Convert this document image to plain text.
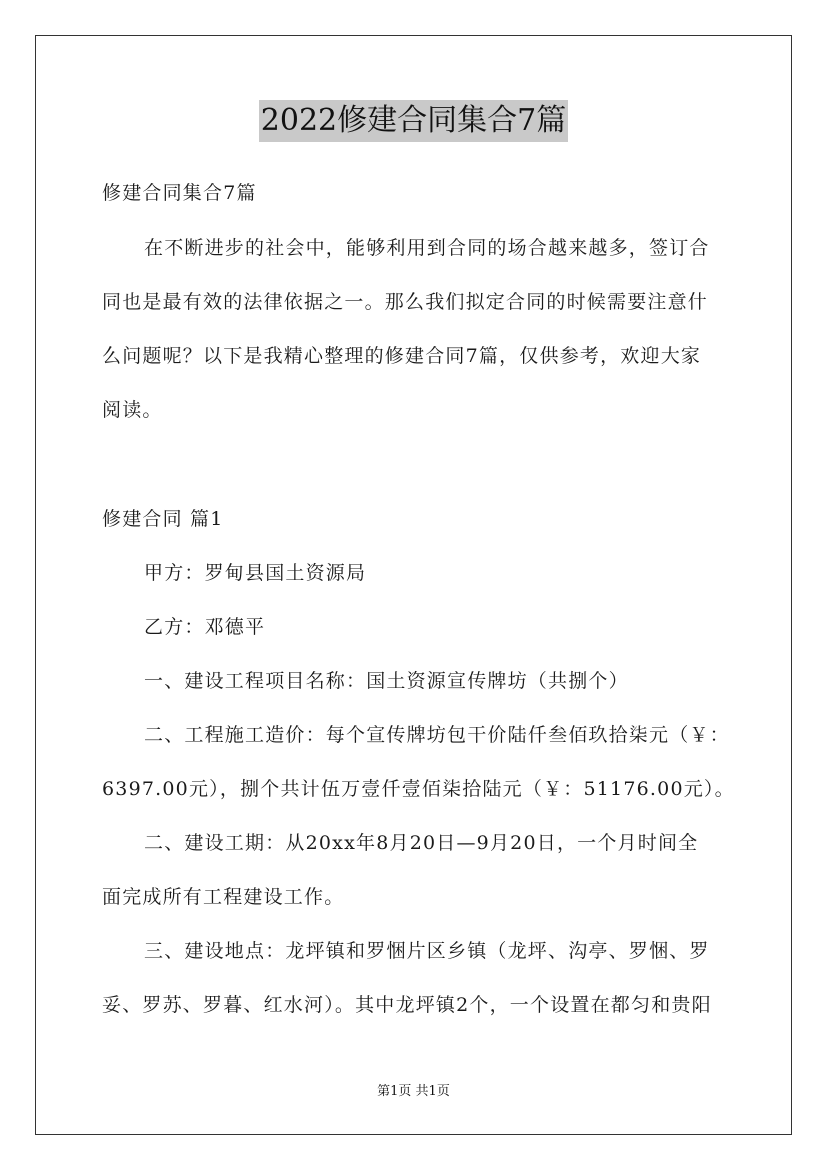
2022修建合同集合7篇
修建合同集合7篇
在不断进步的社会中，能够利用到合同的场合越来越多，签订合
同也是最有效的法律依据之一。那么我们拟定合同的时候需要注意什
么问题呢？以下是我精心整理的修建合同7篇，仅供参考，欢迎大家
阅读。
修建合同 篇1
甲方：罗甸县国土资源局
乙方：邓德平
一、建设工程项目名称：国土资源宣传牌坊（共捌个）
二、工程施工造价：每个宣传牌坊包干价陆仟叁佰玖拾柒元（￥：
6397.00元），捌个共计伍万壹仟壹佰柒拾陆元（￥：51176.00元）。
二、建设工期：从20xx年8月20日—9月20日，一个月时间全
面完成所有工程建设工作。
三、建设地点：龙坪镇和罗悃片区乡镇（龙坪、沟亭、罗悃、罗
妥、罗苏、罗暮、红水河）。其中龙坪镇2个，一个设置在都匀和贵阳
第1页 共1页
